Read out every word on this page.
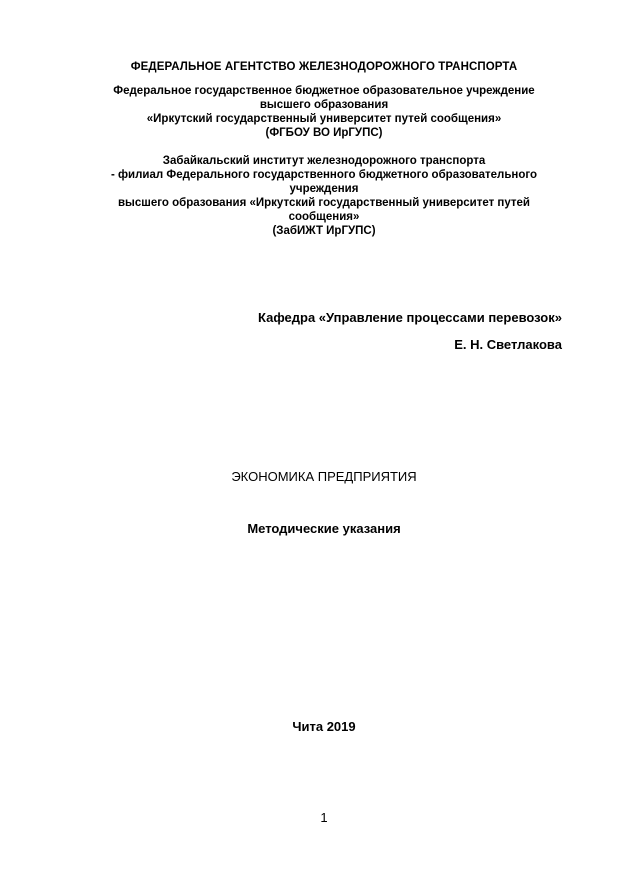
ФЕДЕРАЛЬНОЕ АГЕНТСТВО ЖЕЛЕЗНОДОРОЖНОГО ТРАНСПОРТА
Федеральное государственное бюджетное образовательное учреждение
высшего образования
«Иркутский государственный университет путей сообщения»
(ФГБОУ ВО ИрГУПС)
Забайкальский институт железнодорожного транспорта
- филиал Федерального государственного бюджетного образовательного
учреждения
высшего образования «Иркутский государственный университет путей
сообщения»
(ЗабИЖТ ИрГУПС)
Кафедра «Управление процессами перевозок»
Е. Н. Светлакова
ЭКОНОМИКА ПРЕДПРИЯТИЯ
Методические указания
Чита 2019
1
